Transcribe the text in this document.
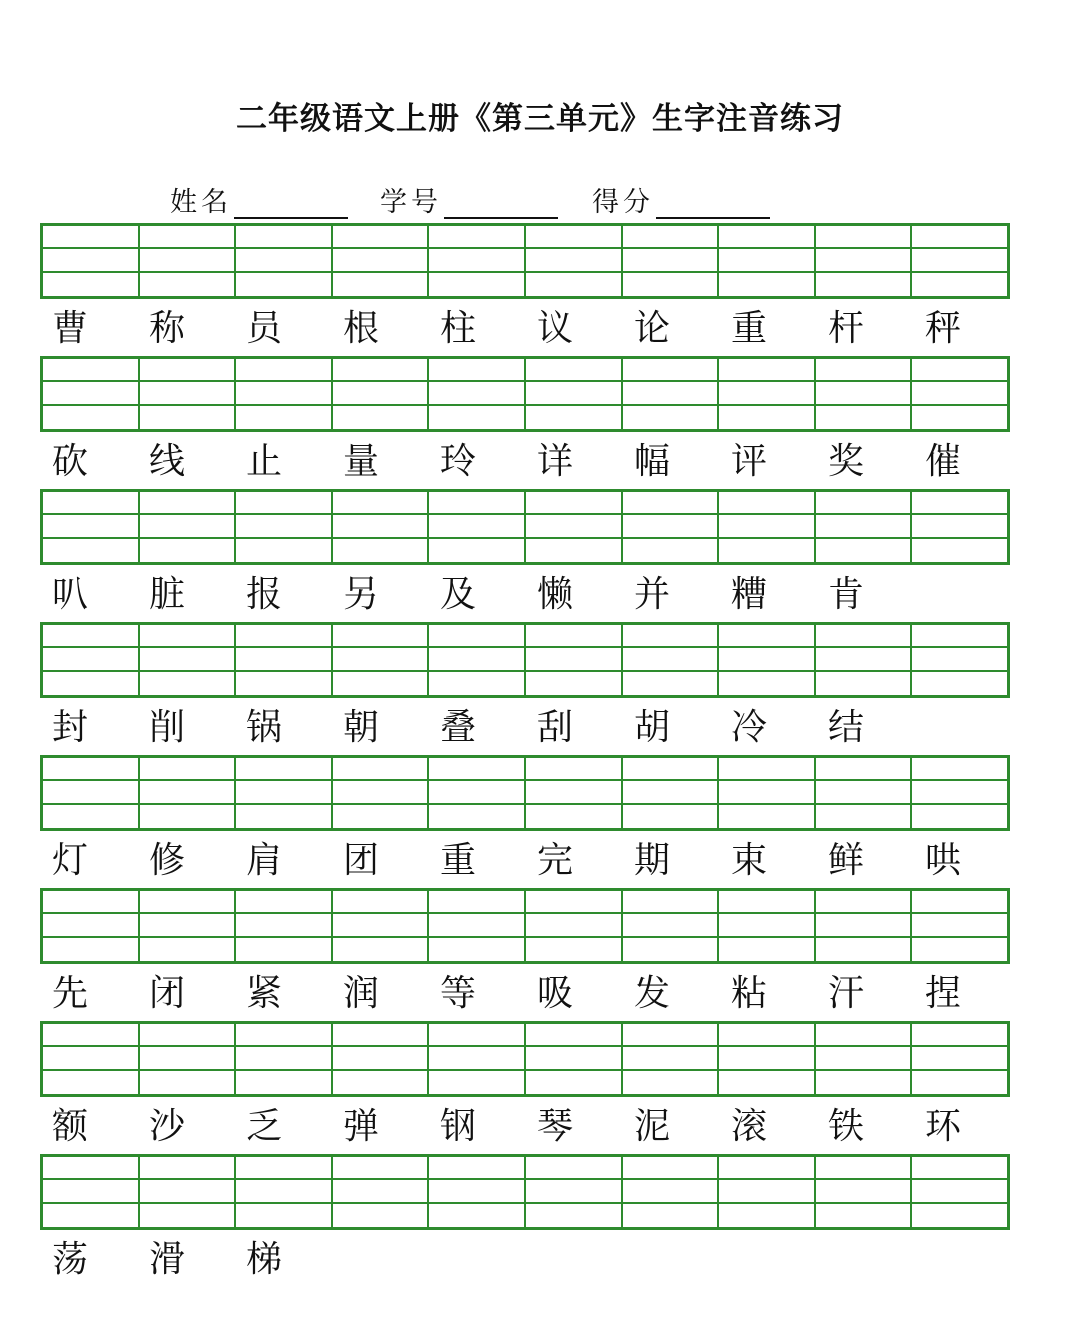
二年级语文上册《第三单元》生字注音练习
姓名	学号	得分
曹	称	员	根	柱	议	论	重	杆	秤
砍	线	止	量	玲	详	幅	评	奖	催
叭	脏	报	另	及	懒	并	糟	肯
封	削	锅	朝	叠	刮	胡	冷	结
灯	修	肩	团	重	完	期	束	鲜	哄
先	闭	紧	润	等	吸	发	粘	汗	捏
额	沙	乏	弹	钢	琴	泥	滚	铁	环
荡	滑	梯
